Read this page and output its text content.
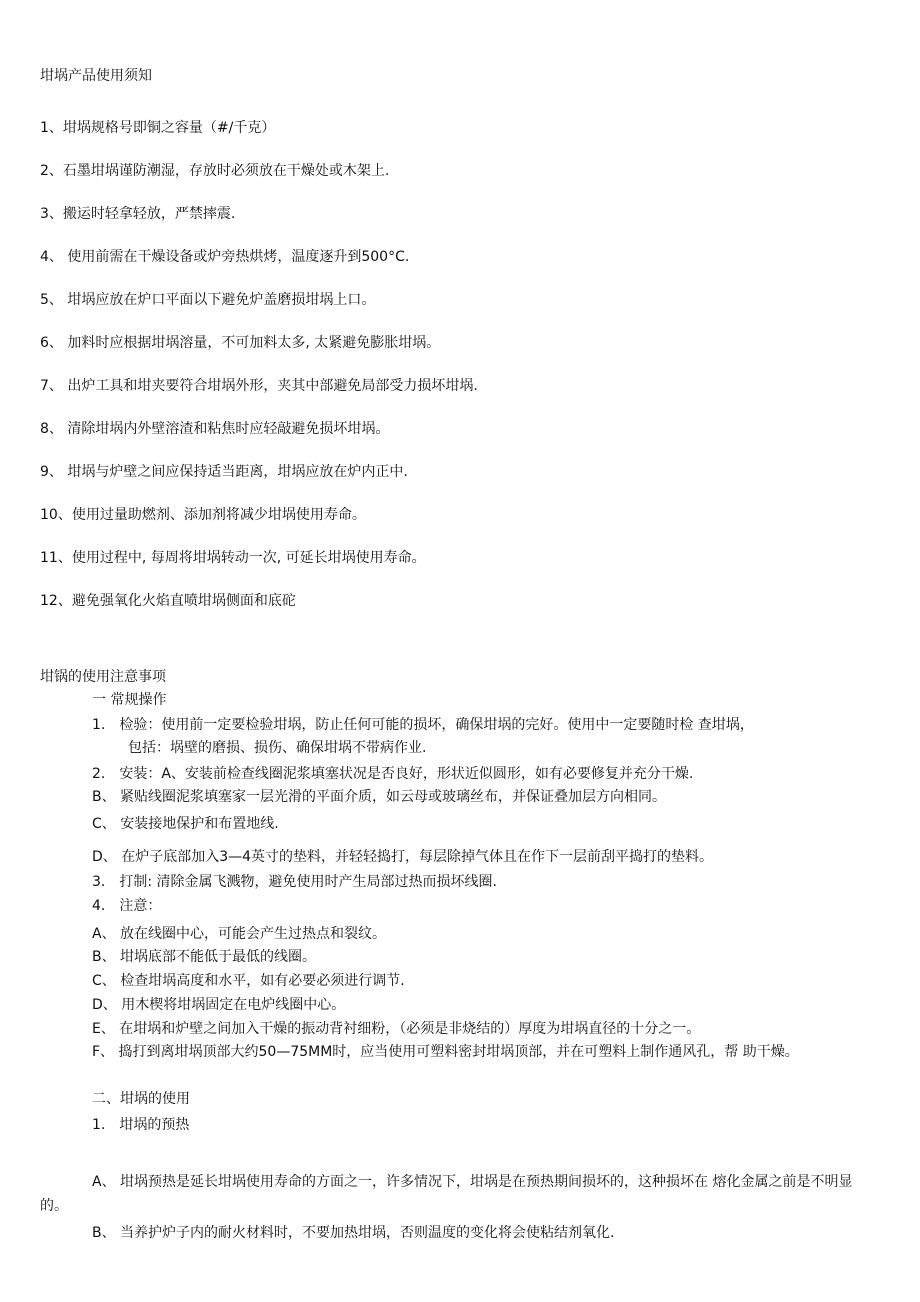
坩埚产品使用须知
1、坩埚规格号即铜之容量（#/千克）
2、石墨坩埚谨防潮湿，存放时必须放在干燥处或木架上.
3、搬运时轻拿轻放，严禁摔震.
4、 使用前需在干燥设备或炉旁热烘烤，温度逐升到500°C.
5、 坩埚应放在炉口平面以下避免炉盖磨损坩埚上口。
6、 加料时应根据坩埚溶量，不可加料太多, 太紧避免膨胀坩埚。
7、 出炉工具和坩夹要符合坩埚外形，夹其中部避免局部受力损坏坩埚.
8、 清除坩埚内外壁溶渣和粘焦时应轻敲避免损坏坩埚。
9、 坩埚与炉壁之间应保持适当距离，坩埚应放在炉内正中.
10、使用过量助燃剂、添加剂将减少坩埚使用寿命。
11、使用过程中, 每周将坩埚转动一次, 可延长坩埚使用寿命。
12、避免强氧化火焰直喷坩埚侧面和底砣
坩锅的使用注意事项
一 常规操作
1． 检验：使用前一定要检验坩埚，防止任何可能的损坏，确保坩埚的完好。使用中一定要随时检 查坩埚，
包括：埚壁的磨损、损伤、确保坩埚不带病作业.
2． 安装：A、安装前检查线圈泥浆填塞状况是否良好，形状近似圆形，如有必要修复并充分干燥.
B、 紧贴线圈泥浆填塞家一层光滑的平面介质，如云母或玻璃丝布，并保证叠加层方向相同。
C、 安装接地保护和布置地线.
D、 在炉子底部加入3—4英寸的垫料，并轻轻捣打，每层除掉气体且在作下一层前刮平捣打的垫料。
3． 打制: 清除金属飞溅物，避免使用时产生局部过热而损坏线圈.
4． 注意：
A、 放在线圈中心，可能会产生过热点和裂纹。
B、 坩埚底部不能低于最低的线圈。
C、 检查坩埚高度和水平，如有必要必须进行调节.
D、 用木楔将坩埚固定在电炉线圈中心。
E、 在坩埚和炉壁之间加入干燥的振动背衬细粉，（必须是非烧结的）厚度为坩埚直径的十分之一。
F、 捣打到离坩埚顶部大约50—75MM时，应当使用可塑料密封坩埚顶部，并在可塑料上制作通风孔，帮 助干燥。
二、坩埚的使用
1． 坩埚的预热
A、 坩埚预热是延长坩埚使用寿命的方面之一，许多情况下，坩埚是在预热期间损坏的，这种损坏在 熔化金属之前是不明显的。
B、 当养护炉子内的耐火材料时，不要加热坩埚，否则温度的变化将会使粘结剂氧化.
